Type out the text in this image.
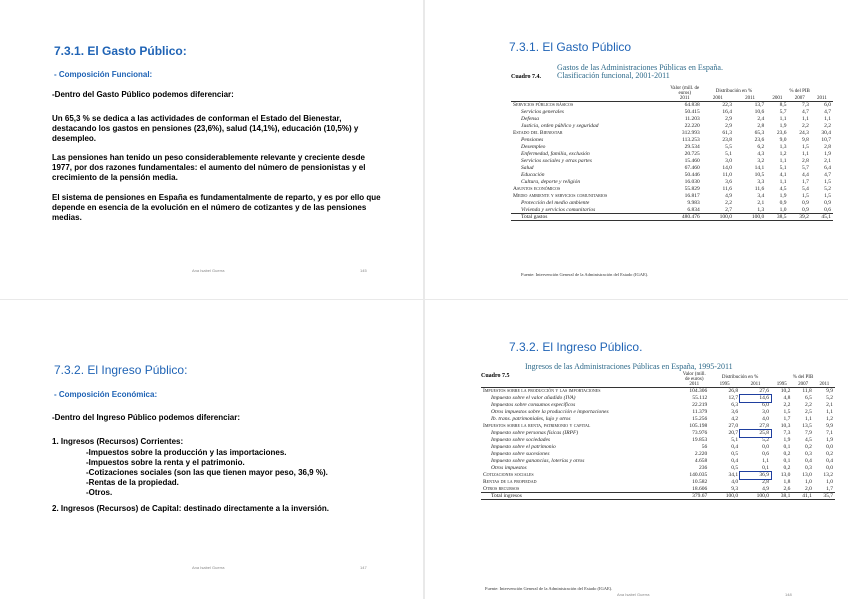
7.3.1. El Gasto Público:
- Composición Funcional:
-Dentro del Gasto Público podemos diferenciar:
Un 65,3 % se dedica a las actividades de conforman el Estado del Bienestar, destacando los gastos en pensiones (23,6%), salud (14,1%), educación (10,5%) y desempleo.
Las pensiones han tenido un peso considerablemente relevante y creciente desde 1977, por dos razones fundamentales: el aumento del número de pensionistas y el crecimiento de la pensión media.
El sistema de pensiones en España es fundamentalmente de reparto, y es por ello que depende en esencia de la evolución en el número de cotizantes y de las pensiones medias.
Ana Isabel Guerra	145
7.3.1. El Gasto Público
Cuadro 7.4.
Gastos de las Administraciones Públicas en España.
Clasificación funcional, 2001-2011
	Valor (mill. de euros)	Distribución en %		% del PIB		
	2011	2001	2011	2001	2007	2011
Servicios públicos básicos	64.838	22,3	13,7	8,5	7,3	6,0
Servicios generales	50.415	16,4	10,6	5,7	4,7	4,7
Defensa	11.203	2,9	2,4	1,1	1,1	1,1
Justicia, orden público y seguridad	22.220	2,9	2,8	1,9	2,2	2,2
Estado del Bienestar	312.993	61,3	65,3	23,6	24,3	30,4
Pensiones	113.253	23,8	23,6	9,0	9,8	10,7
Desempleo	29.534	5,5	6,2	1,3	1,5	2,8
Enfermedad, familia, exclusión	20.725	5,1	4,3	1,2	1,1	1,9
Servicios sociales y otras partes	15.460	3,0	3,2	1,1	2,8	2,1
Salud	67.460	14,0	14,1	5,1	5,7	6,4
Educación	50.446	11,0	10,5	4,1	4,4	4,7
Cultura, deporte y religión	16.030	3,6	3,3	1,1	1,7	1,5
Asuntos económicos	55.829	11,6	11,6	4,5	5,4	5,2
Medio ambiente y servicios comunitarios	16.817	4,9	3,4	1,9	1,5	1,5
Protección del medio ambiente	9.983	2,2	2,1	0,9	0,9	0,9
Vivienda y servicios comunitarios	6.834	2,7	1,3	1,0	0,9	0,6
Total gastos	480.476	100,0	100,0	38,5	39,2	45,1
Fuente: Intervención General de la Administración del Estado (IGAE).
7.3.2. El Ingreso Público:
- Composición Económica:
-Dentro del Ingreso Público podemos diferenciar:
1. Ingresos (Recursos) Corrientes:
-Impuestos sobre la producción y las importaciones.
-Impuestos sobre la renta y el patrimonio.
-Cotizaciones sociales (son las que tienen mayor peso, 36,9 %).
-Rentas de la propiedad.
-Otros.
2. Ingresos (Recursos) de Capital: destinado directamente a la inversión.
Ana Isabel Guerra	147
7.3.2. El Ingreso Público.
Cuadro 7.5
Ingresos de las Administraciones Públicas en España, 1995-2011
	Valor (mill. de euros)	Distribución en %		% del PIB		
	2011	1995	2011	1995	2007	2011
Impuestos sobre la producción y las importaciones	104.306	26,8	27,6	10,2	11,8	9,9
Impuesto sobre el valor añadido (IVA)	55.112	12,7	14,6	4,8	6,5	5,2
Impuestos sobre consumos específicos	22.219	6,3	6,0	2,2	2,2	2,1
Otros impuestos sobre la producción e importaciones	11.379	3,6	3,0	1,5	2,5	1,1
Ib. trans. patrimoniales, lujo y otros	15.256	4,2	4,0	1,7	1,1	1,2
Impuestos sobre la renta, patrimonio y capital	105.198	27,0	27,8	10,3	13,5	9,9
Impuesto sobre personas físicas (IRPF)	73.976	20,7	25,8	7,3	7,9	7,1
Impuesto sobre sociedades	19.853	5,1	5,2	1,9	4,5	1,9
Impuesto sobre el patrimonio	56	0,4	0,0	0,1	0,2	0,0
Impuesto sobre sucesiones	2.220	0,5	0,6	0,2	0,3	0,2
Impuesto sobre ganancias, loterías y otros	4.658	0,4	1,1	0,1	0,4	0,4
Otros impuestos	236	0,5	0,1	0,2	0,3	0,0
Cotizaciones sociales	140.035	34,1	36,9	13,0	13,0	13,2
Rentas de la propiedad	10.582	4,0	2,8	1,8	1,0	1,0
Otros recursos	18.606	9,3	4,9	2,6	2,0	1,7
Total ingresos	379.67	100,0	100,0	38,1	41,1	35,7
Fuente: Intervención General de la Administración del Estado (IGAE).
Ana Isabel Guerra	148
